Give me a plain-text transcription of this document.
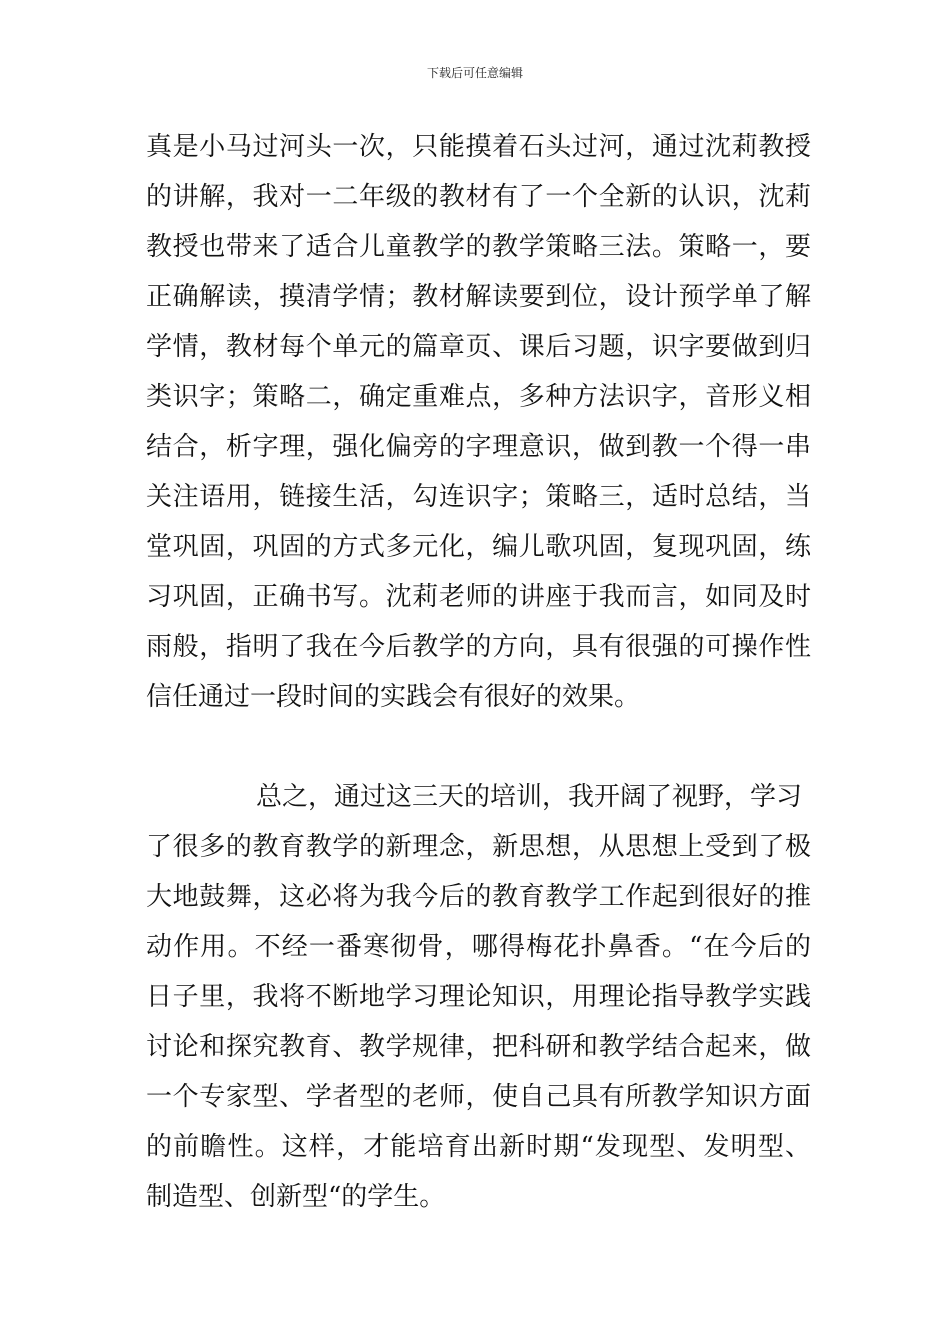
下载后可任意编辑
真是小马过河头一次，只能摸着石头过河，通过沈莉教授
的讲解，我对一二年级的教材有了一个全新的认识，沈莉
教授也带来了适合儿童教学的教学策略三法。策略一，要
正确解读，摸清学情；教材解读要到位，设计预学单了解
学情，教材每个单元的篇章页、课后习题，识字要做到归
类识字；策略二，确定重难点，多种方法识字，音形义相
结合，析字理，强化偏旁的字理意识，做到教一个得一串
关注语用，链接生活，勾连识字；策略三，适时总结，当
堂巩固，巩固的方式多元化，编儿歌巩固，复现巩固，练
习巩固，正确书写。沈莉老师的讲座于我而言，如同及时
雨般，指明了我在今后教学的方向，具有很强的可操作性
信任通过一段时间的实践会有很好的效果。
总之，通过这三天的培训，我开阔了视野，学习
了很多的教育教学的新理念，新思想，从思想上受到了极
大地鼓舞，这必将为我今后的教育教学工作起到很好的推
动作用。不经一番寒彻骨，哪得梅花扑鼻香。“在今后的
日子里，我将不断地学习理论知识，用理论指导教学实践
讨论和探究教育、教学规律，把科研和教学结合起来，做
一个专家型、学者型的老师，使自己具有所教学知识方面
的前瞻性。这样，才能培育出新时期“发现型、发明型、
制造型、创新型“的学生。
